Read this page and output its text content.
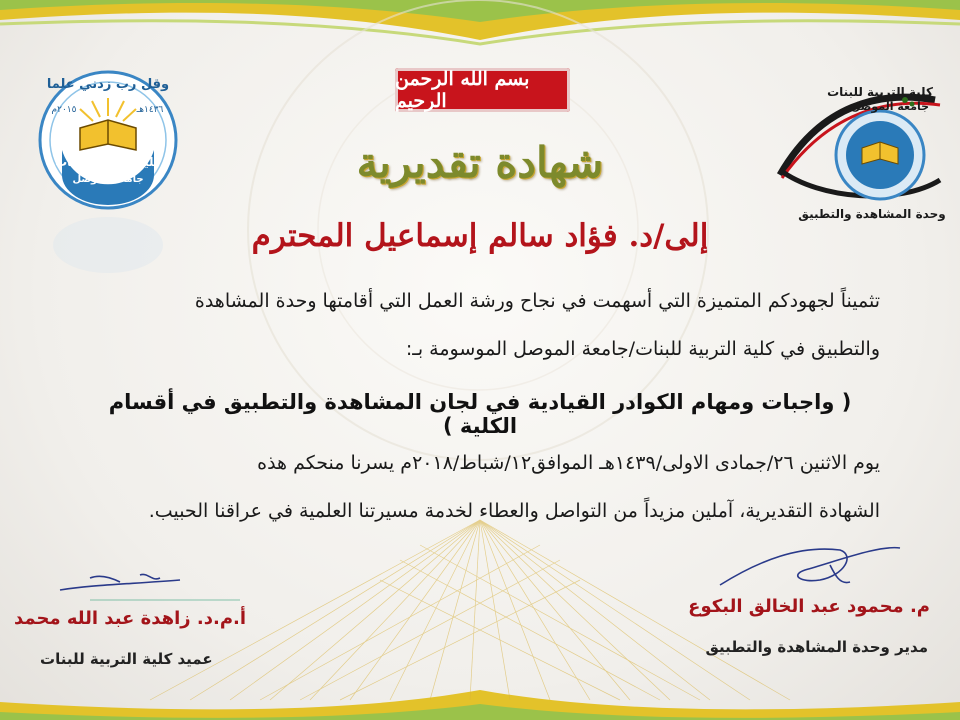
وقل رب زدني علما
١٤٣٦هـ
٢٠١٥م
كلية التربية للبنات
جامعة الموصل
كلية التربية للبنات
جامعة الموصل
وحدة المشاهدة والتطبيق
بسم الله الرحمن الرحيم
شهادة تقديرية
إلى/د. فؤاد سالم إسماعيل المحترم
تثميناً لجهودكم المتميزة التي أسهمت في نجاح ورشة العمل التي أقامتها وحدة المشاهدة
والتطبيق في كلية التربية للبنات/جامعة الموصل الموسومة بـ:
( واجبات ومهام الكوادر القيادية في لجان المشاهدة والتطبيق في أقسام الكلية )
يوم الاثنين ٢٦/جمادى الاولى/١٤٣٩هـ الموافق١٢/شباط/٢٠١٨م يسرنا منحكم هذه
الشهادة التقديرية، آملين مزيداً من التواصل والعطاء لخدمة مسيرتنا العلمية في عراقنا الحبيب.
م. محمود عبد الخالق البكوع
مدير وحدة المشاهدة والتطبيق
أ.م.د. زاهدة عبد الله محمد
عميد كلية التربية للبنات
